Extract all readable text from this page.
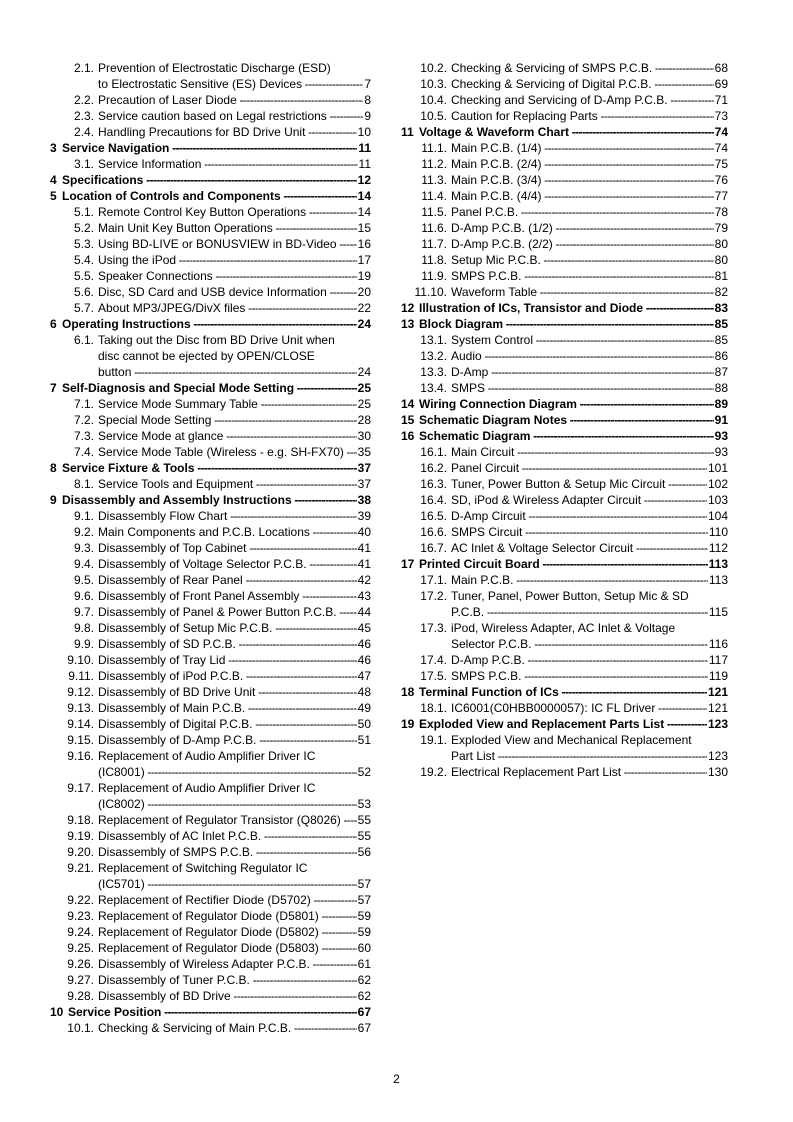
2.1. Prevention of Electrostatic Discharge (ESD)
to Electrostatic Sensitive (ES) Devices -----	7
2.2. Precaution of Laser Diode -----	8
2.3. Service caution based on Legal restrictions -----	9
2.4. Handling Precautions for BD Drive Unit -----	10
3 Service Navigation -----	11
3.1. Service Information -----	11
4 Specifications -----	12
5 Location of Controls and Components -----	14
5.1. Remote Control Key Button Operations -----	14
5.2. Main Unit Key Button Operations -----	15
5.3. Using BD-LIVE or BONUSVIEW in BD-Video -----	16
5.4. Using the iPod -----	17
5.5. Speaker Connections -----	19
5.6. Disc, SD Card and USB device Information -----	20
5.7. About MP3/JPEG/DivX files -----	22
6 Operating Instructions -----	24
6.1. Taking out the Disc from BD Drive Unit when
disc cannot be ejected by OPEN/CLOSE
button -----	24
7 Self-Diagnosis and Special Mode Setting -----	25
7.1. Service Mode Summary Table -----	25
7.2. Special Mode Setting -----	28
7.3. Service Mode at glance -----	30
7.4. Service Mode Table (Wireless - e.g. SH-FX70) -----	35
8 Service Fixture & Tools -----	37
8.1. Service Tools and Equipment -----	37
9 Disassembly and Assembly Instructions -----	38
9.1. Disassembly Flow Chart -----	39
9.2. Main Components and P.C.B. Locations -----	40
9.3. Disassembly of Top Cabinet -----	41
9.4. Disassembly of Voltage Selector P.C.B. -----	41
9.5. Disassembly of Rear Panel -----	42
9.6. Disassembly of Front Panel Assembly -----	43
9.7. Disassembly of Panel & Power Button P.C.B. -----	44
9.8. Disassembly of Setup Mic P.C.B. -----	45
9.9. Disassembly of SD P.C.B. -----	46
9.10. Disassembly of Tray Lid -----	46
9.11. Disassembly of iPod P.C.B. -----	47
9.12. Disassembly of BD Drive Unit -----	48
9.13. Disassembly of Main P.C.B. -----	49
9.14. Disassembly of Digital P.C.B. -----	50
9.15. Disassembly of D-Amp P.C.B. -----	51
9.16. Replacement of Audio Amplifier Driver IC
(IC8001) -----	52
9.17. Replacement of Audio Amplifier Driver IC
(IC8002) -----	53
9.18. Replacement of Regulator Transistor (Q8026) -----	55
9.19. Disassembly of AC Inlet P.C.B. -----	55
9.20. Disassembly of SMPS P.C.B. -----	56
9.21. Replacement of Switching Regulator IC
(IC5701) -----	57
9.22. Replacement of Rectifier Diode (D5702) -----	57
9.23. Replacement of Regulator Diode (D5801) -----	59
9.24. Replacement of Regulator Diode (D5802) -----	59
9.25. Replacement of Regulator Diode (D5803) -----	60
9.26. Disassembly of Wireless Adapter P.C.B. -----	61
9.27. Disassembly of Tuner P.C.B. -----	62
9.28. Disassembly of BD Drive -----	62
10 Service Position -----	67
10.1. Checking & Servicing of Main P.C.B. -----	67
10.2. Checking & Servicing of SMPS P.C.B. -----	68
10.3. Checking & Servicing of Digital P.C.B. -----	69
10.4. Checking and Servicing of D-Amp P.C.B. -----	71
10.5. Caution for Replacing Parts -----	73
11 Voltage & Waveform Chart -----	74
11.1. Main P.C.B. (1/4) -----	74
11.2. Main P.C.B. (2/4) -----	75
11.3. Main P.C.B. (3/4) -----	76
11.4. Main P.C.B. (4/4) -----	77
11.5. Panel P.C.B. -----	78
11.6. D-Amp P.C.B. (1/2) -----	79
11.7. D-Amp P.C.B. (2/2) -----	80
11.8. Setup Mic P.C.B. -----	80
11.9. SMPS P.C.B. -----	81
11.10. Waveform Table -----	82
12 Illustration of ICs, Transistor and Diode -----	83
13 Block Diagram -----	85
13.1. System Control -----	85
13.2. Audio -----	86
13.3. D-Amp -----	87
13.4. SMPS -----	88
14 Wiring Connection Diagram -----	89
15 Schematic Diagram Notes -----	91
16 Schematic Diagram -----	93
16.1. Main Circuit -----	93
16.2. Panel Circuit -----	101
16.3. Tuner, Power Button & Setup Mic Circuit -----	102
16.4. SD, iPod & Wireless Adapter Circuit -----	103
16.5. D-Amp Circuit -----	104
16.6. SMPS Circuit -----	110
16.7. AC Inlet & Voltage Selector Circuit -----	112
17 Printed Circuit Board -----	113
17.1. Main P.C.B. -----	113
17.2. Tuner, Panel, Power Button, Setup Mic & SD
P.C.B. -----	115
17.3. iPod, Wireless Adapter, AC Inlet & Voltage
Selector P.C.B. -----	116
17.4. D-Amp P.C.B. -----	117
17.5. SMPS P.C.B. -----	119
18 Terminal Function of ICs -----	121
18.1. IC6001(C0HBB0000057): IC FL Driver -----	121
19 Exploded View and Replacement Parts List -----	123
19.1. Exploded View and Mechanical Replacement
Part List -----	123
19.2. Electrical Replacement Part List -----	130
2
